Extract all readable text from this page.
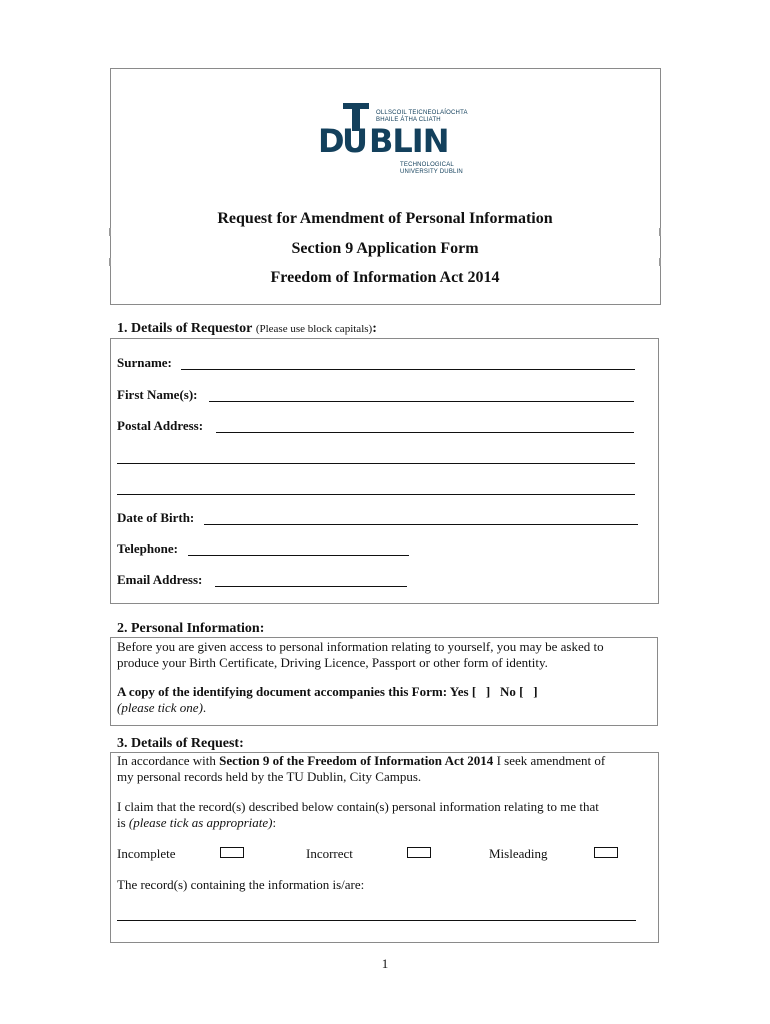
D
U BLIN
OLLSCOIL TEICNEOLAÍOCHTA
BHAILE ÁTHA CLIATH
TECHNOLOGICAL
UNIVERSITY DUBLIN
Request for Amendment of Personal Information
Section 9 Application Form
Freedom of Information Act 2014
1. Details of Requestor (Please use block capitals):
Surname:
First Name(s):
Postal Address:
Date of Birth:
Telephone:
Email Address:
2. Personal Information:
Before you are given access to personal information relating to yourself, you may be asked to
produce your Birth Certificate, Driving Licence, Passport or other form of identity.
A copy of the identifying document accompanies this Form: Yes [   ]   No [   ]
(please tick one).
3. Details of Request:
In accordance with Section 9 of the Freedom of Information Act 2014 I seek amendment of
my personal records held by the TU Dublin, City Campus.
I claim that the record(s) described below contain(s) personal information relating to me that
is (please tick as appropriate):
Incomplete	Incorrect	Misleading
The record(s) containing the information is/are:
1
